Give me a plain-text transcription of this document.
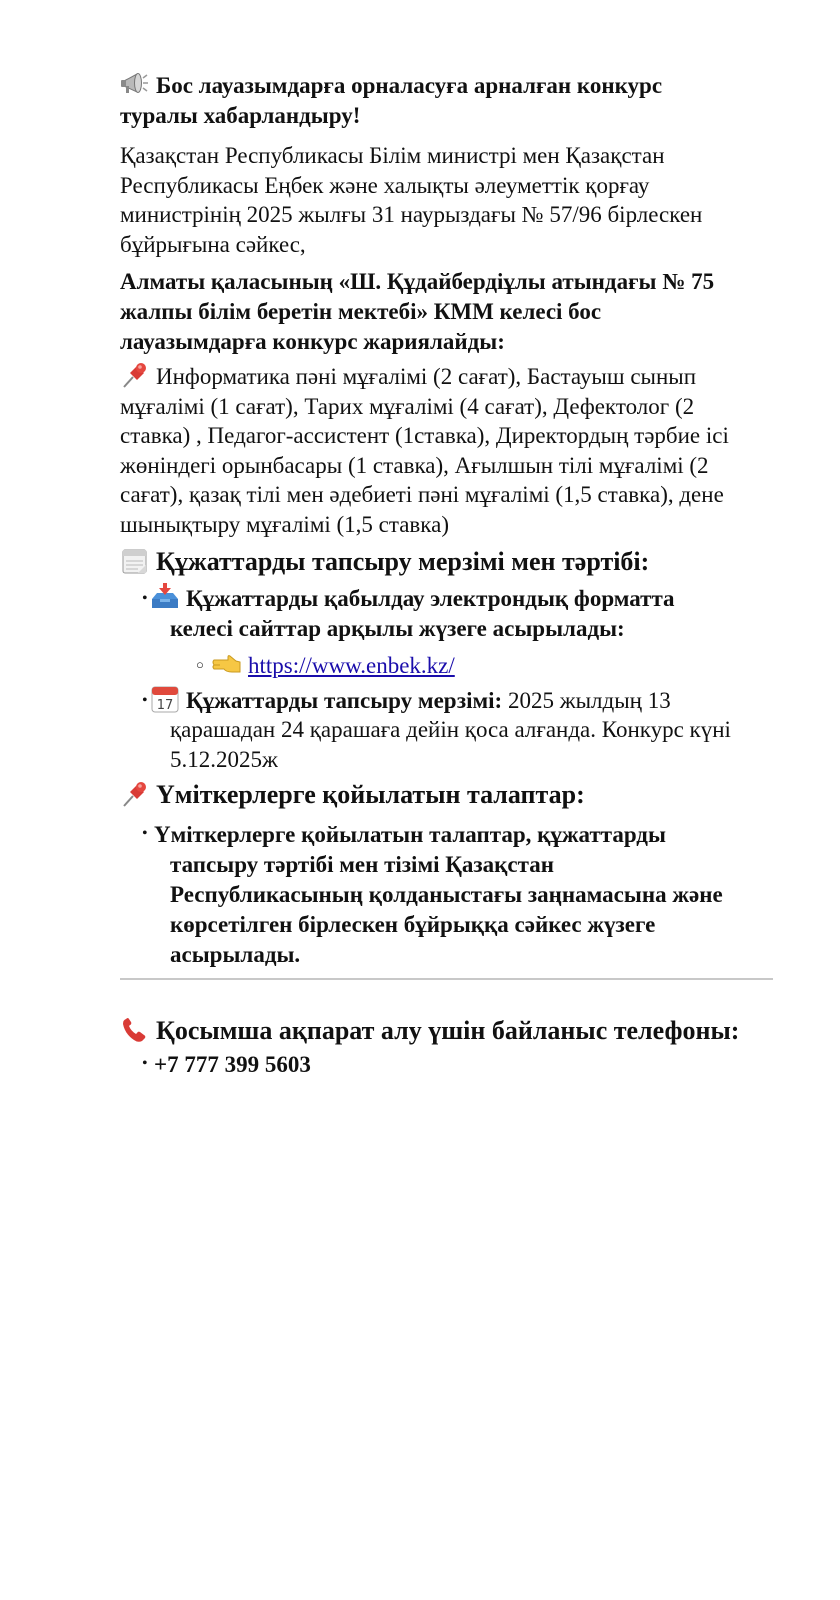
Бос лауазымдарға орналасуға арналған конкурс
туралы хабарландыру!
Қазақстан Республикасы Білім министрі мен Қазақстан
Республикасы Еңбек және халықты әлеуметтік қорғау
министрінің 2025 жылғы 31 наурыздағы № 57/96 бірлескен
бұйрығына сәйкес,
Алматы қаласының «Ш. Құдайбердіұлы атындағы № 75
жалпы білім беретін мектебі» КММ келесі бос
лауазымдарға конкурс жариялайды:
Информатика пәні мұғалімі (2 сағат), Бастауыш сынып
мұғалімі (1 сағат), Тарих мұғалімі (4 сағат), Дефектолог (2
ставка) , Педагог-ассистент (1ставка), Директордың тәрбие ісі
жөніндегі орынбасары (1 ставка), Ағылшын тілі мұғалімі (2
сағат), қазақ тілі мен әдебиеті пәні мұғалімі (1,5 ставка), дене
шынықтыру мұғалімі (1,5 ставка)
Құжаттарды тапсыру мерзімі мен тәртібі:
•	Құжаттарды қабылдау электрондық форматта
келесі сайттар арқылы жүзеге асырылады:
○	https://www.enbek.kz/
• 17 Құжаттарды тапсыру мерзімі: 2025 жылдың 13
қарашадан 24 қарашаға дейін қоса алғанда. Конкурс күні
5.12.2025ж
Үміткерлерге қойылатын талаптар:
• Үміткерлерге қойылатын талаптар, құжаттарды
тапсыру тәртібі мен тізімі Қазақстан
Республикасының қолданыстағы заңнамасына және
көрсетілген бірлескен бұйрыққа сәйкес жүзеге
асырылады.
Қосымша ақпарат алу үшін байланыс телефоны:
• +7 777 399 5603
